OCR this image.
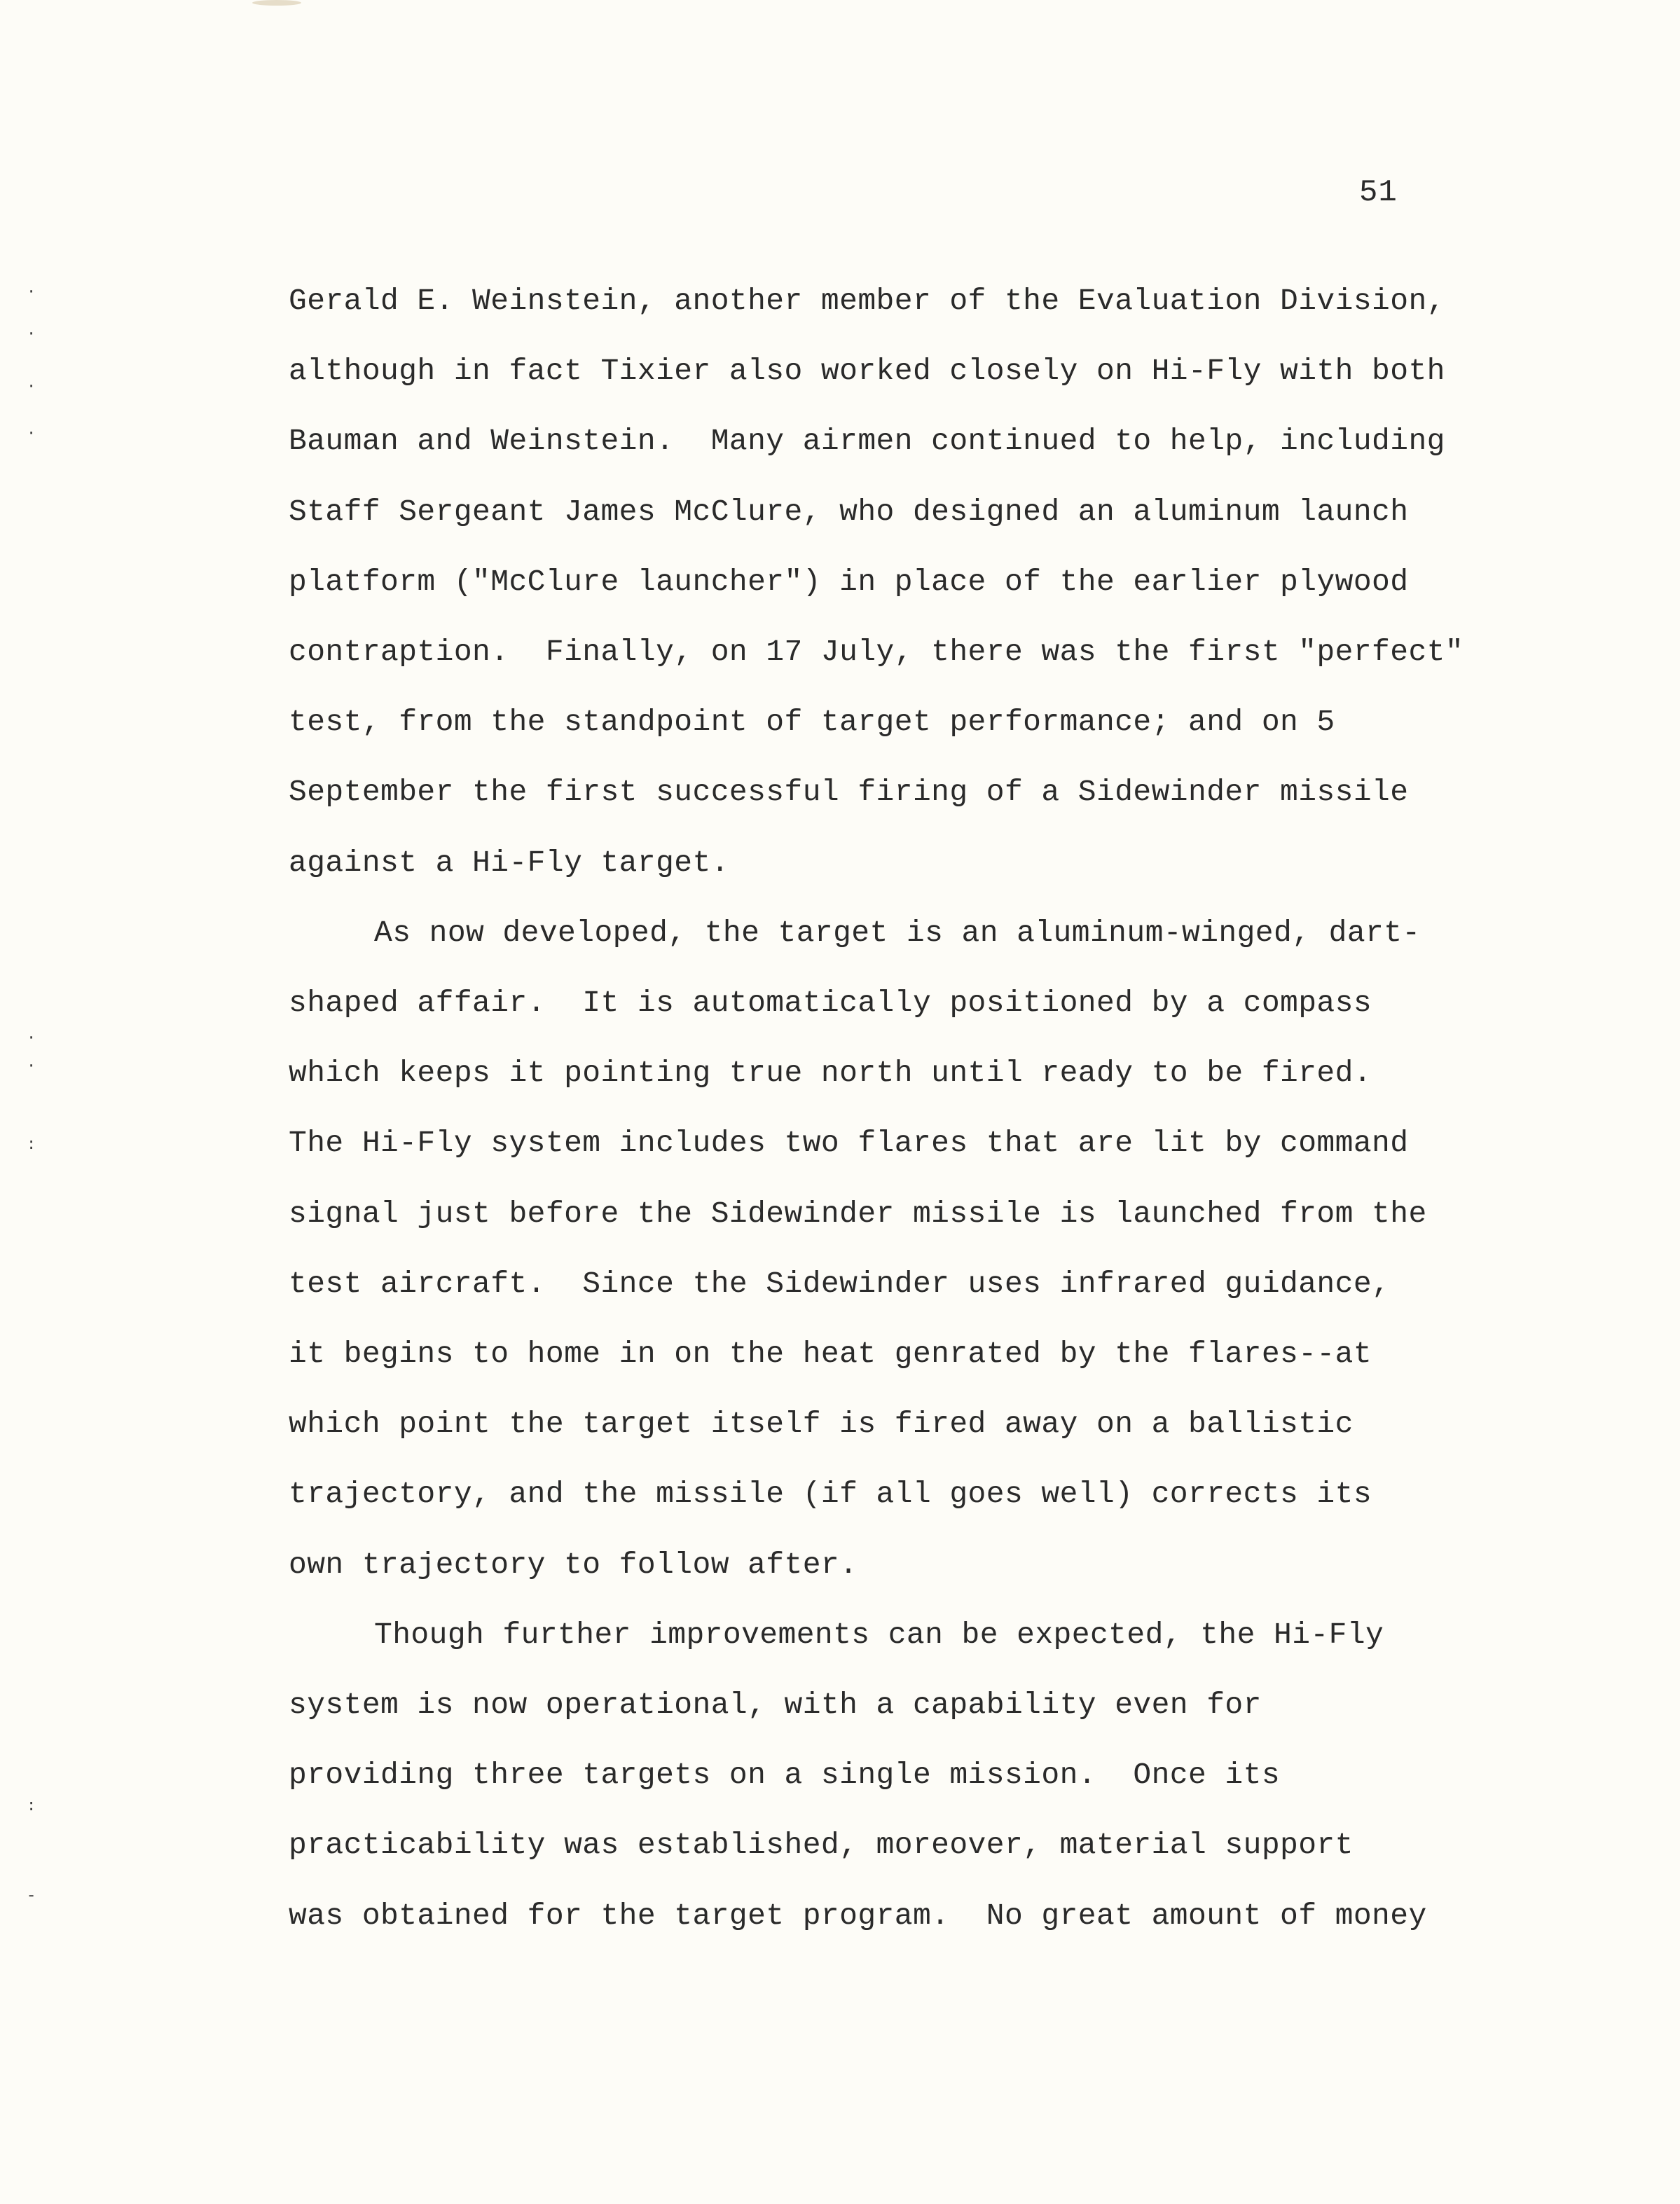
51
Gerald E. Weinstein, another member of the Evaluation Division,
although in fact Tixier also worked closely on Hi-Fly with both
Bauman and Weinstein.  Many airmen continued to help, including
Staff Sergeant James McClure, who designed an aluminum launch
platform ("McClure launcher") in place of the earlier plywood
contraption.  Finally, on 17 July, there was the first "perfect"
test, from the standpoint of target performance; and on 5
September the first successful firing of a Sidewinder missile
against a Hi-Fly target.
As now developed, the target is an aluminum-winged, dart-
shaped affair.  It is automatically positioned by a compass
which keeps it pointing true north until ready to be fired.
The Hi-Fly system includes two flares that are lit by command
signal just before the Sidewinder missile is launched from the
test aircraft.  Since the Sidewinder uses infrared guidance,
it begins to home in on the heat genrated by the flares--at
which point the target itself is fired away on a ballistic
trajectory, and the missile (if all goes well) corrects its
own trajectory to follow after.
Though further improvements can be expected, the Hi-Fly
system is now operational, with a capability even for
providing three targets on a single mission.  Once its
practicability was established, moreover, material support
was obtained for the target program.  No great amount of money
·
·
·
·
·
·
:
:
-
